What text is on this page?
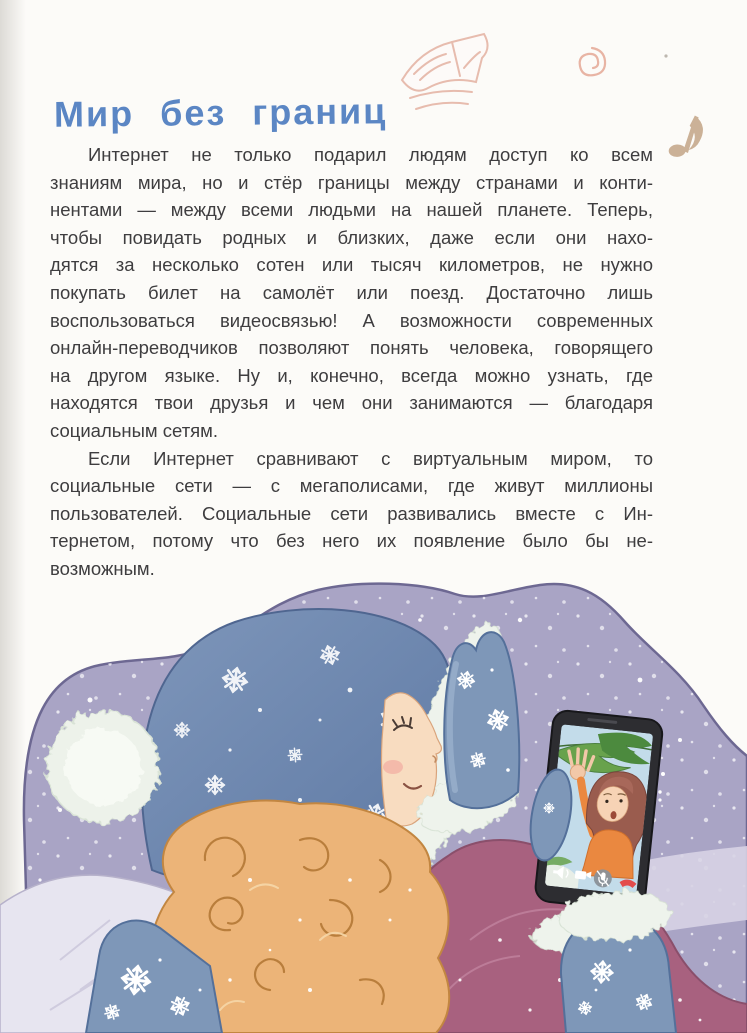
Мир без границ
Интернет не только подарил людям доступ ко всем
знаниям мира, но и стёр границы между странами и конти-
нентами — между всеми людьми на нашей планете. Теперь,
чтобы повидать родных и близких, даже если они нахо-
дятся за несколько сотен или тысяч километров, не нужно
покупать билет на самолёт или поезд. Достаточно лишь
воспользоваться видеосвязью! А возможности современных
онлайн-переводчиков позволяют понять человека, говорящего
на другом языке. Ну и, конечно, всегда можно узнать, где
находятся твои друзья и чем они занимаются — благодаря
социальным сетям.
Если Интернет сравнивают с виртуальным миром, то
социальные сети — с мегаполисами, где живут миллионы
пользователей. Социальные сети развивались вместе с Ин-
тернетом, потому что без него их появление было бы не-
возможным.
